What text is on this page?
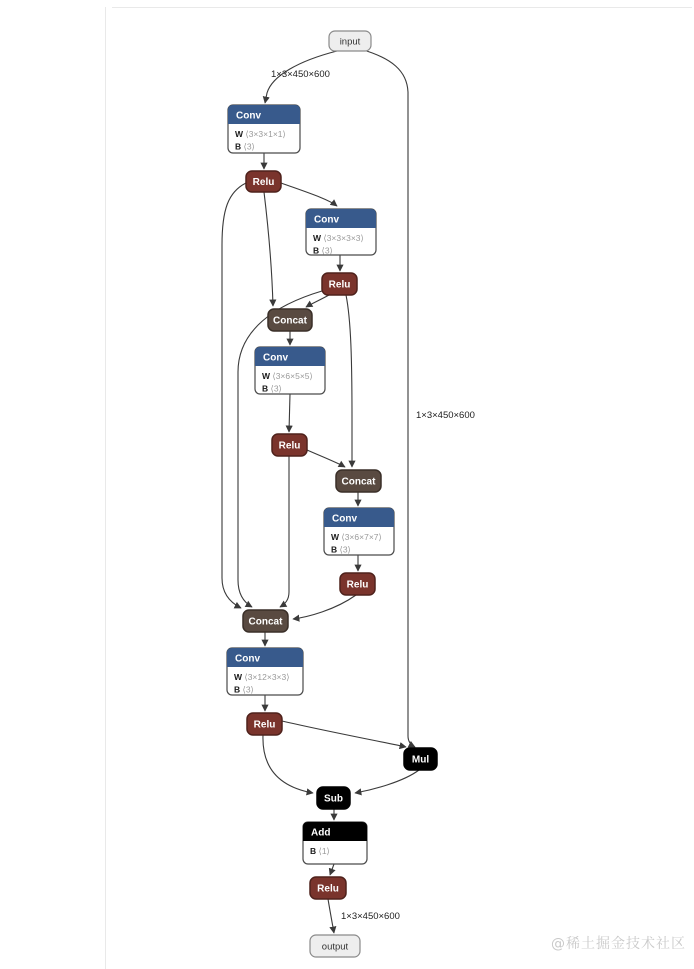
1×3×450×600
1×3×450×600
1×3×450×600
input
Conv
W ⟨3×3×1×1⟩
B ⟨3⟩
Relu
Conv
W ⟨3×3×3×3⟩
B ⟨3⟩
Relu
Concat
Conv
W ⟨3×6×5×5⟩
B ⟨3⟩
Relu
Concat
Conv
W ⟨3×6×7×7⟩
B ⟨3⟩
Relu
Concat
Conv
W ⟨3×12×3×3⟩
B ⟨3⟩
Relu
Mul
Sub
Add
B ⟨1⟩
Relu
output	@稀土掘金技术社区
